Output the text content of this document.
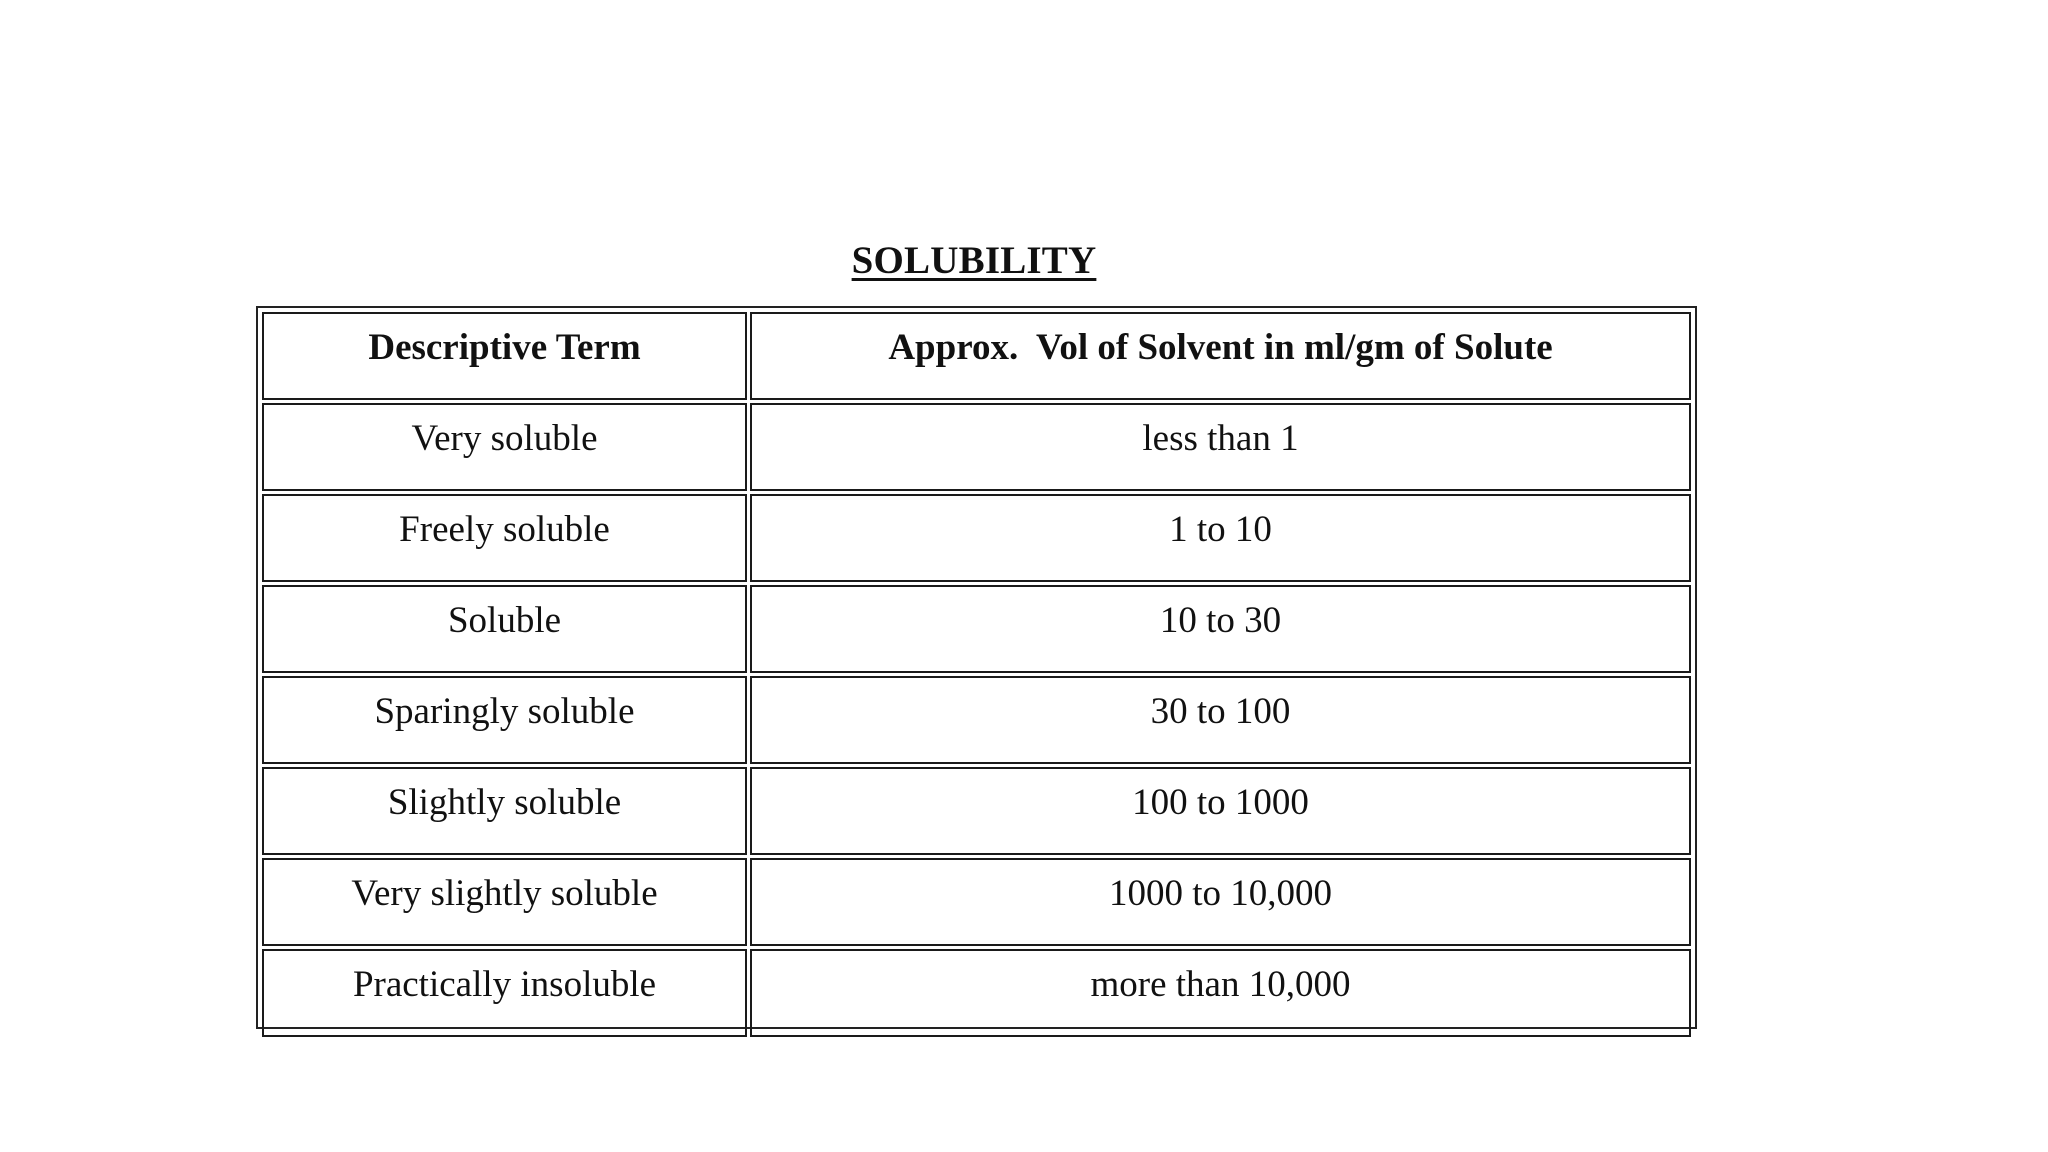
SOLUBILITY
Descriptive Term	Approx.  Vol of Solvent in ml/gm of Solute
Very soluble	less than 1
Freely soluble	1 to 10
Soluble	10 to 30
Sparingly soluble	30 to 100
Slightly soluble	100 to 1000
Very slightly soluble	1000 to 10,000
Practically insoluble	more than 10,000
